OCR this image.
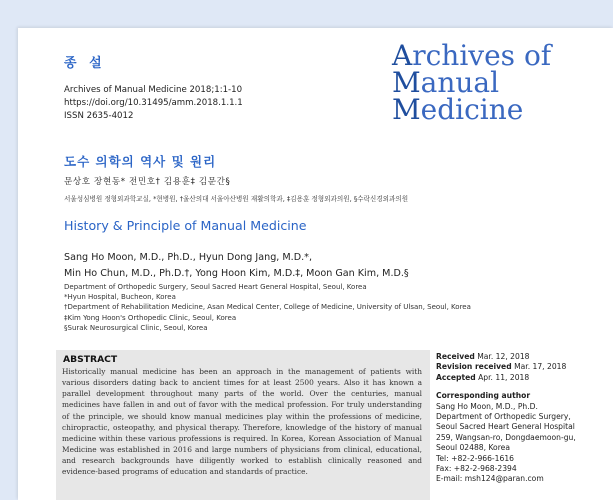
종 설
Archives of Manual Medicine 2018;1:1-10
https://doi.org/10.31495/amm.2018.1.1.1
ISSN 2635-4012
Archives of
Manual
Medicine
도수 의학의 역사 및 원리
문상호 장현동* 전민호† 김용훈‡ 김문간§
서울성심병원 정형외과학교실, *현병원, †울산의대 서울아산병원 재활의학과, ‡김용훈 정형외과의원, §수락신경외과의원
History & Principle of Manual Medicine
Sang Ho Moon, M.D., Ph.D., Hyun Dong Jang, M.D.*,
Min Ho Chun, M.D., Ph.D.†, Yong Hoon Kim, M.D.‡, Moon Gan Kim, M.D.§
Department of Orthopedic Surgery, Seoul Sacred Heart General Hospital, Seoul, Korea
*Hyun Hospital, Bucheon, Korea
†Department of Rehabilitation Medicine, Asan Medical Center, College of Medicine, University of Ulsan, Seoul, Korea
‡Kim Yong Hoon's Orthopedic Clinic, Seoul, Korea
§Surak Neurosurgical Clinic, Seoul, Korea
ABSTRACT
Historically manual medicine has been an approach in the management of patients with various disorders dating back to ancient times for at least 2500 years. Also it has known a parallel development throughout many parts of the world. Over the centuries, manual medicines have fallen in and out of favor with the medical profession. For truly understanding of the principle, we should know manual medicines play within the professions of medicine, chiropractic, osteopathy, and physical therapy. Therefore, knowledge of the history of manual medicine within these various professions is required. In Korea, Korean Association of Manual Medicine was established in 2016 and large numbers of physicians from clinical, educational, and research backgrounds have diligently worked to establish clinically reasoned and evidence-based programs of education and standards of practice.
Received Mar. 12, 2018
Revision received Mar. 17, 2018
Accepted Apr. 11, 2018
Corresponding author
Sang Ho Moon, M.D., Ph.D.
Department of Orthopedic Surgery,
Seoul Sacred Heart General Hospital
259, Wangsan-ro, Dongdaemoon-gu,
Seoul 02488, Korea
Tel: +82-2-966-1616
Fax: +82-2-968-2394
E-mail: msh124@paran.com
